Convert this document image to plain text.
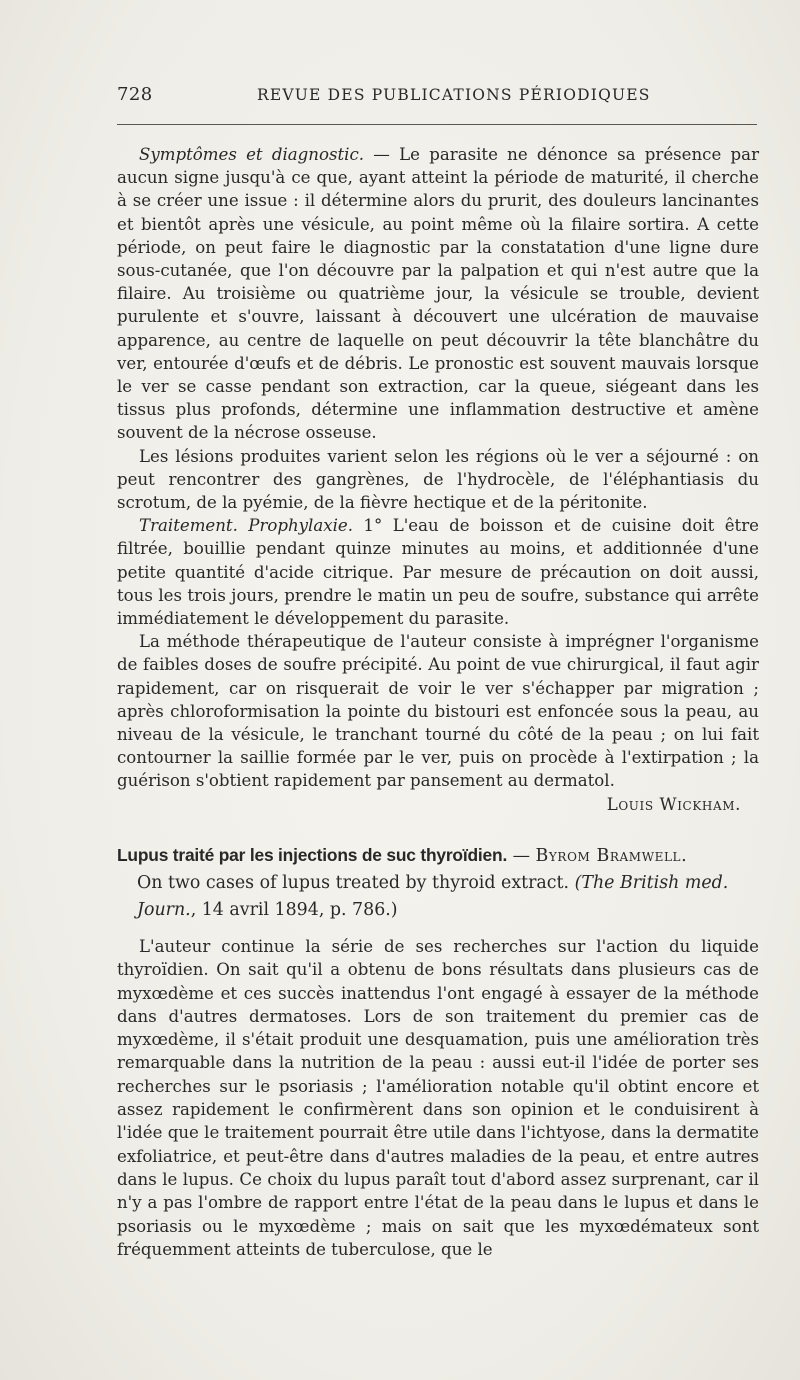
728	REVUE DES PUBLICATIONS PÉRIODIQUES

Symptômes et diagnostic. — Le parasite ne dénonce sa présence par aucun signe jusqu'à ce que, ayant atteint la période de maturité, il cherche à se créer une issue : il détermine alors du prurit, des douleurs lancinantes et bientôt après une vésicule, au point même où la filaire sortira. A cette période, on peut faire le diagnostic par la constatation d'une ligne dure sous-cutanée, que l'on découvre par la palpation et qui n'est autre que la filaire. Au troisième ou quatrième jour, la vésicule se trouble, devient purulente et s'ouvre, laissant à découvert une ulcération de mauvaise apparence, au centre de laquelle on peut découvrir la tête blanchâtre du ver, entourée d'œufs et de débris. Le pronostic est souvent mauvais lorsque le ver se casse pendant son extraction, car la queue, siégeant dans les tissus plus profonds, détermine une inflammation destructive et amène souvent de la nécrose osseuse.

Les lésions produites varient selon les régions où le ver a séjourné : on peut rencontrer des gangrènes, de l'hydrocèle, de l'éléphantiasis du scrotum, de la pyémie, de la fièvre hectique et de la péritonite.

Traitement. Prophylaxie. 1° L'eau de boisson et de cuisine doit être filtrée, bouillie pendant quinze minutes au moins, et additionnée d'une petite quantité d'acide citrique. Par mesure de précaution on doit aussi, tous les trois jours, prendre le matin un peu de soufre, substance qui arrête immédiatement le développement du parasite.

La méthode thérapeutique de l'auteur consiste à imprégner l'organisme de faibles doses de soufre précipité. Au point de vue chirurgical, il faut agir rapidement, car on risquerait de voir le ver s'échapper par migration ; après chloroformisation la pointe du bistouri est enfoncée sous la peau, au niveau de la vésicule, le tranchant tourné du côté de la peau ; on lui fait contourner la saillie formée par le ver, puis on procède à l'extirpation ; la guérison s'obtient rapidement par pansement au dermatol.

Louis Wickham.
Lupus traité par les injections de suc thyroïdien. — Byrom Bramwell.
On two cases of lupus treated by thyroid extract. (The British med. Journ., 14 avril 1894, p. 786.)

L'auteur continue la série de ses recherches sur l'action du liquide thyroïdien. On sait qu'il a obtenu de bons résultats dans plusieurs cas de myxœdème et ces succès inattendus l'ont engagé à essayer de la méthode dans d'autres dermatoses. Lors de son traitement du premier cas de myxœdème, il s'était produit une desquamation, puis une amélioration très remarquable dans la nutrition de la peau : aussi eut-il l'idée de porter ses recherches sur le psoriasis ; l'amélioration notable qu'il obtint encore et assez rapidement le confirmèrent dans son opinion et le conduisirent à l'idée que le traitement pourrait être utile dans l'ichtyose, dans la dermatite exfoliatrice, et peut-être dans d'autres maladies de la peau, et entre autres dans le lupus. Ce choix du lupus paraît tout d'abord assez surprenant, car il n'y a pas l'ombre de rapport entre l'état de la peau dans le lupus et dans le psoriasis ou le myxœdème ; mais on sait que les myxœdémateux sont fréquemment atteints de tuberculose, que le
